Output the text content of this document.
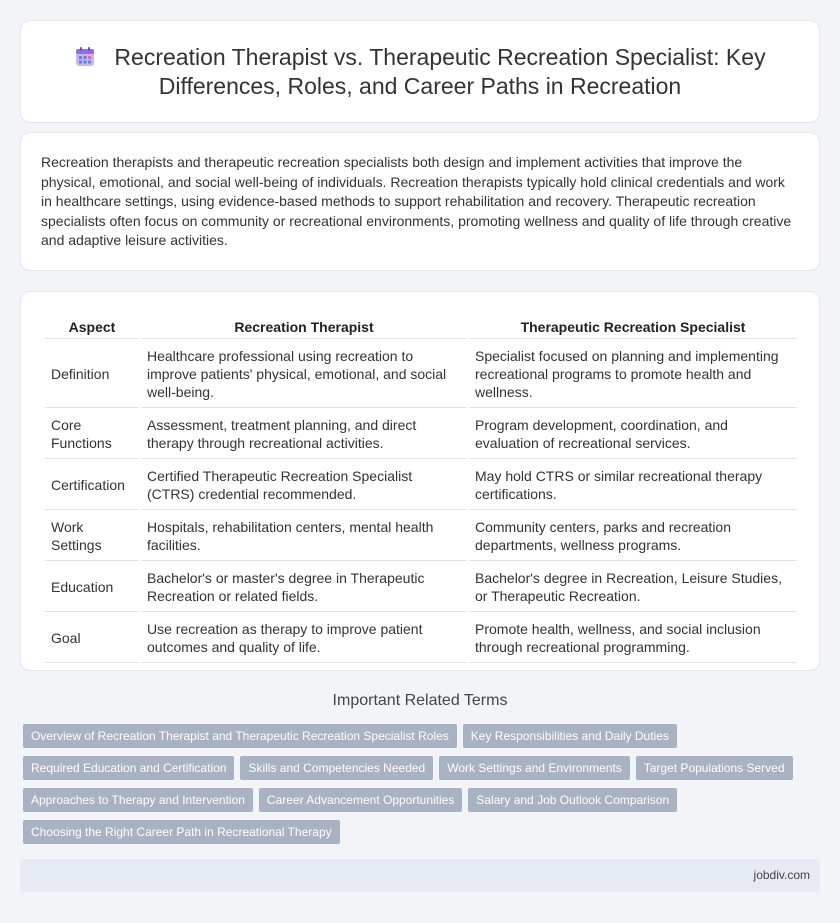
Recreation Therapist vs. Therapeutic Recreation Specialist: Key Differences, Roles, and Career Paths in Recreation

Recreation therapists and therapeutic recreation specialists both design and implement activities that improve the physical, emotional, and social well-being of individuals. Recreation therapists typically hold clinical credentials and work in healthcare settings, using evidence-based methods to support rehabilitation and recovery. Therapeutic recreation specialists often focus on community or recreational environments, promoting wellness and quality of life through creative and adaptive leisure activities.

Aspect	Recreation Therapist	Therapeutic Recreation Specialist
Definition	Healthcare professional using recreation to improve patients' physical, emotional, and social well-being.	Specialist focused on planning and implementing recreational programs to promote health and wellness.
Core Functions	Assessment, treatment planning, and direct therapy through recreational activities.	Program development, coordination, and evaluation of recreational services.
Certification	Certified Therapeutic Recreation Specialist (CTRS) credential recommended.	May hold CTRS or similar recreational therapy certifications.
Work Settings	Hospitals, rehabilitation centers, mental health facilities.	Community centers, parks and recreation departments, wellness programs.
Education	Bachelor's or master's degree in Therapeutic Recreation or related fields.	Bachelor's degree in Recreation, Leisure Studies, or Therapeutic Recreation.
Goal	Use recreation as therapy to improve patient outcomes and quality of life.	Promote health, wellness, and social inclusion through recreational programming.
Important Related Terms
Overview of Recreation Therapist and Therapeutic Recreation Specialist Roles	Key Responsibilities and Daily Duties
Required Education and Certification	Skills and Competencies Needed	Work Settings and Environments	Target Populations Served
Approaches to Therapy and Intervention	Career Advancement Opportunities	Salary and Job Outlook Comparison
Choosing the Right Career Path in Recreational Therapy
jobdiv.com
